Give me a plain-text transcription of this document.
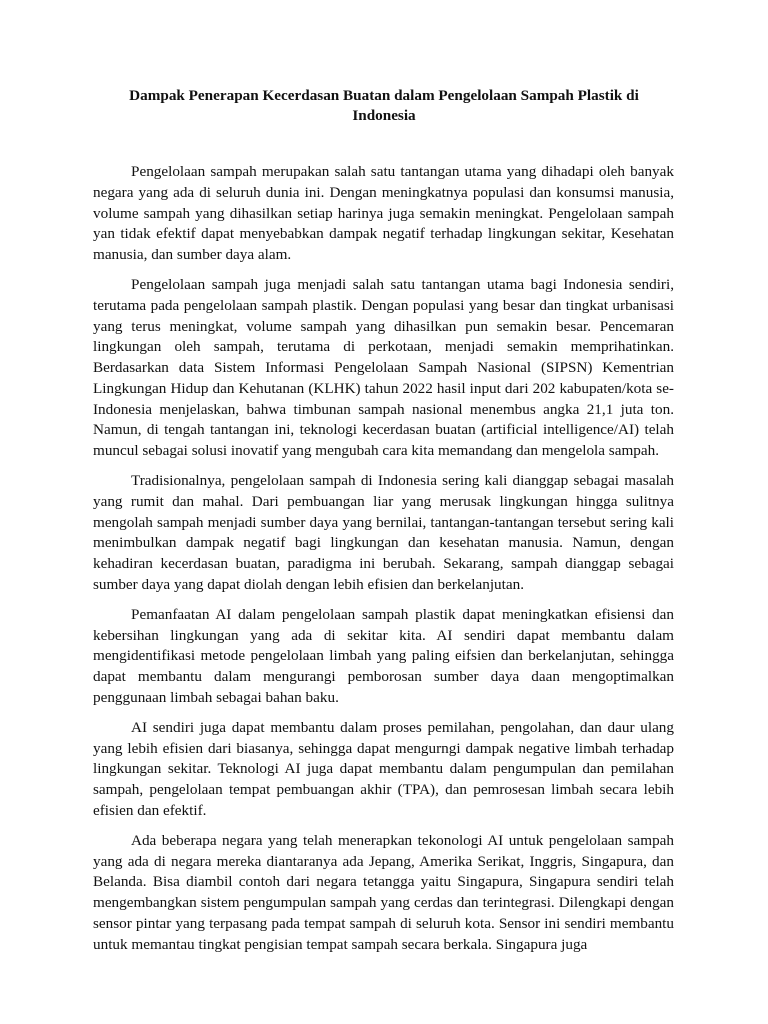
Dampak Penerapan Kecerdasan Buatan dalam Pengelolaan Sampah Plastik di Indonesia

Pengelolaan sampah merupakan salah satu tantangan utama yang dihadapi oleh banyak negara yang ada di seluruh dunia ini. Dengan meningkatnya populasi dan konsumsi manusia, volume sampah yang dihasilkan setiap harinya juga semakin meningkat. Pengelolaan sampah yan tidak efektif dapat menyebabkan dampak negatif terhadap lingkungan sekitar, Kesehatan manusia, dan sumber daya alam.

Pengelolaan sampah juga menjadi salah satu tantangan utama bagi Indonesia sendiri, terutama pada pengelolaan sampah plastik. Dengan populasi yang besar dan tingkat urbanisasi yang terus meningkat, volume sampah yang dihasilkan pun semakin besar. Pencemaran lingkungan oleh sampah, terutama di perkotaan, menjadi semakin memprihatinkan. Berdasarkan data Sistem Informasi Pengelolaan Sampah Nasional (SIPSN) Kementrian Lingkungan Hidup dan Kehutanan (KLHK) tahun 2022 hasil input dari 202 kabupaten/kota se-Indonesia menjelaskan, bahwa timbunan sampah nasional menembus angka 21,1 juta ton. Namun, di tengah tantangan ini, teknologi kecerdasan buatan (artificial intelligence/AI) telah muncul sebagai solusi inovatif yang mengubah cara kita memandang dan mengelola sampah.

Tradisionalnya, pengelolaan sampah di Indonesia sering kali dianggap sebagai masalah yang rumit dan mahal. Dari pembuangan liar yang merusak lingkungan hingga sulitnya mengolah sampah menjadi sumber daya yang bernilai, tantangan-tantangan tersebut sering kali menimbulkan dampak negatif bagi lingkungan dan kesehatan manusia. Namun, dengan kehadiran kecerdasan buatan, paradigma ini berubah. Sekarang, sampah dianggap sebagai sumber daya yang dapat diolah dengan lebih efisien dan berkelanjutan.

Pemanfaatan AI dalam pengelolaan sampah plastik dapat meningkatkan efisiensi dan kebersihan lingkungan yang ada di sekitar kita. AI sendiri dapat membantu dalam mengidentifikasi metode pengelolaan limbah yang paling eifsien dan berkelanjutan, sehingga dapat membantu dalam mengurangi pemborosan sumber daya daan mengoptimalkan penggunaan limbah sebagai bahan baku.

AI sendiri juga dapat membantu dalam proses pemilahan, pengolahan, dan daur ulang yang lebih efisien dari biasanya, sehingga dapat mengurngi dampak negative limbah terhadap lingkungan sekitar. Teknologi AI juga dapat membantu dalam pengumpulan dan pemilahan sampah, pengelolaan tempat pembuangan akhir (TPA), dan pemrosesan limbah secara lebih efisien dan efektif.

Ada beberapa negara yang telah menerapkan tekonologi AI untuk pengelolaan sampah yang ada di negara mereka diantaranya ada Jepang, Amerika Serikat, Inggris, Singapura, dan Belanda. Bisa diambil contoh dari negara tetangga yaitu Singapura, Singapura sendiri telah mengembangkan sistem pengumpulan sampah yang cerdas dan terintegrasi. Dilengkapi dengan sensor pintar yang terpasang pada tempat sampah di seluruh kota. Sensor ini sendiri membantu untuk memantau tingkat pengisian tempat sampah secara berkala. Singapura juga
